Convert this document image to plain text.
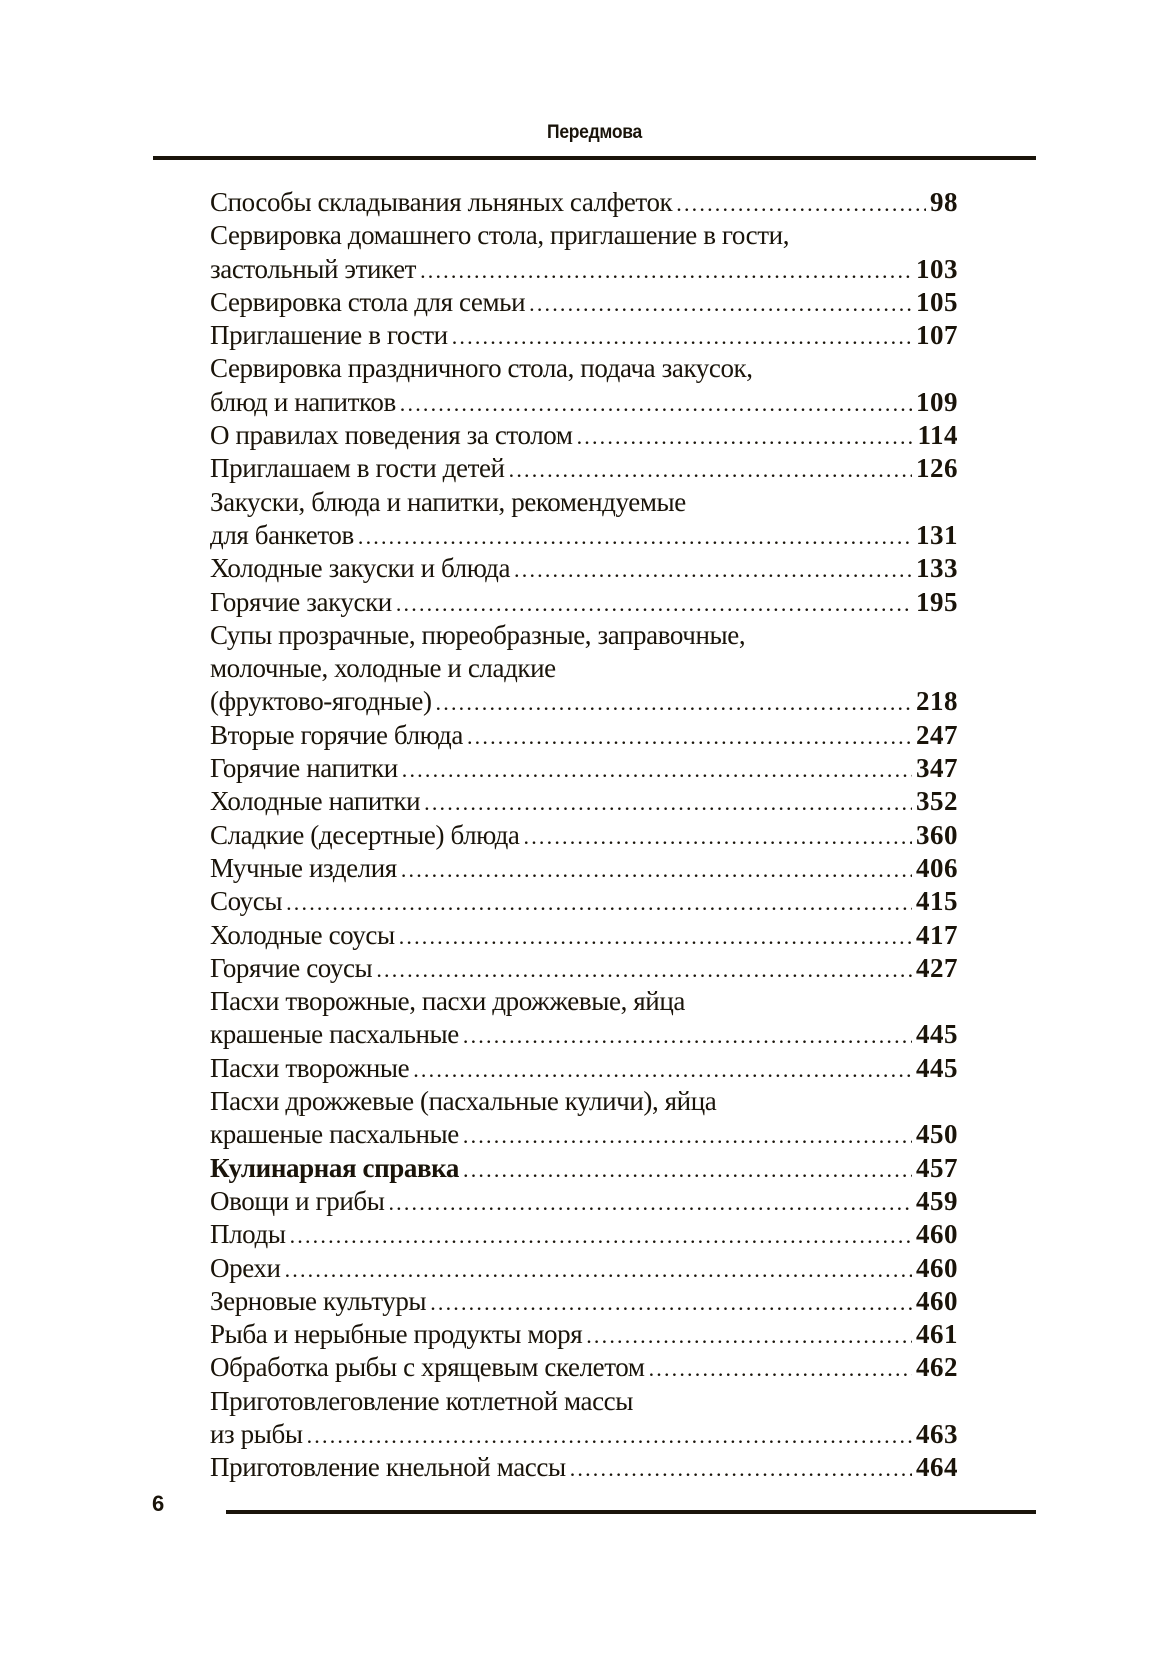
Передмова
Способы складывания льняных салфеток .....	98
Сервировка домашнего стола, приглашение в гости,
застольный этикет .....	103
Сервировка стола для семьи .....	105
Приглашение в гости .....	107
Сервировка праздничного стола, подача закусок,
блюд и напитков .....	109
О правилах поведения за столом .....	114
Приглашаем в гости детей .....	126
Закуски, блюда и напитки, рекомендуемые
для банкетов .....	131
Холодные закуски и блюда .....	133
Горячие закуски .....	195
Супы прозрачные, пюреобразные, заправочные,
молочные, холодные и сладкие
(фруктово-ягодные) .....	218
Вторые горячие блюда .....	247
Горячие напитки .....	347
Холодные напитки .....	352
Сладкие (десертные) блюда .....	360
Мучные изделия .....	406
Соусы .....	415
Холодные соусы .....	417
Горячие соусы .....	427
Пасхи творожные, пасхи дрожжевые, яйца
крашеные пасхальные .....	445
Пасхи творожные .....	445
Пасхи дрожжевые (пасхальные куличи), яйца
крашеные пасхальные .....	450
Кулинарная справка .....	457
Овощи и грибы .....	459
Плоды .....	460
Орехи .....	460
Зерновые культуры .....	460
Рыба и нерыбные продукты моря .....	461
Обработка рыбы с хрящевым скелетом .....	462
Приготовлеговление котлетной массы
из рыбы .....	463
Приготовление кнельной массы .....	464
6
